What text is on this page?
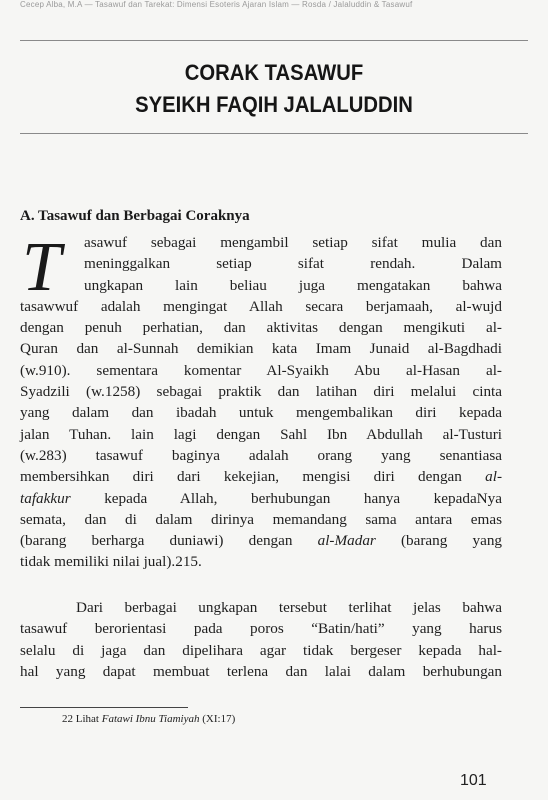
Cecep Alba, M.A — Tasawuf dan Tarekat: Dimensi Esoteris Ajaran Islam — Rosda / Jalaluddin & Tasawuf
CORAK TASAWUF
SYEIKH FAQIH JALALUDDIN
A. Tasawuf dan Berbagai Coraknya
T	asawuf sebagai mengambil setiap sifat mulia dan
meninggalkan setiap sifat rendah. Dalam
ungkapan lain beliau juga mengatakan bahwa
tasawwuf adalah mengingat Allah secara berjamaah, al-wujd
dengan penuh perhatian, dan aktivitas dengan mengikuti al-
Quran dan al-Sunnah demikian kata Imam Junaid al-Bagdhadi
(w.910). sementara komentar Al-Syaikh Abu al-Hasan al-
Syadzili (w.1258) sebagai praktik dan latihan diri melalui cinta
yang dalam dan ibadah untuk mengembalikan diri kepada
jalan Tuhan. lain lagi dengan Sahl Ibn Abdullah al-Tusturi
(w.283) tasawuf baginya adalah orang yang senantiasa
membersihkan diri dari kekejian, mengisi diri dengan al-
tafakkur kepada Allah, berhubungan hanya kepadaNya
semata, dan di dalam dirinya memandang sama antara emas
(barang berharga duniawi) dengan al-Madar (barang yang
tidak memiliki nilai jual).215.
Dari berbagai ungkapan tersebut terlihat jelas bahwa
tasawuf berorientasi pada poros “Batin/hati” yang harus
selalu di jaga dan dipelihara agar tidak bergeser kepada hal-
hal yang dapat membuat terlena dan lalai dalam berhubungan
22 Lihat Fatawi Ibnu Tiamiyah (XI:17)
101
